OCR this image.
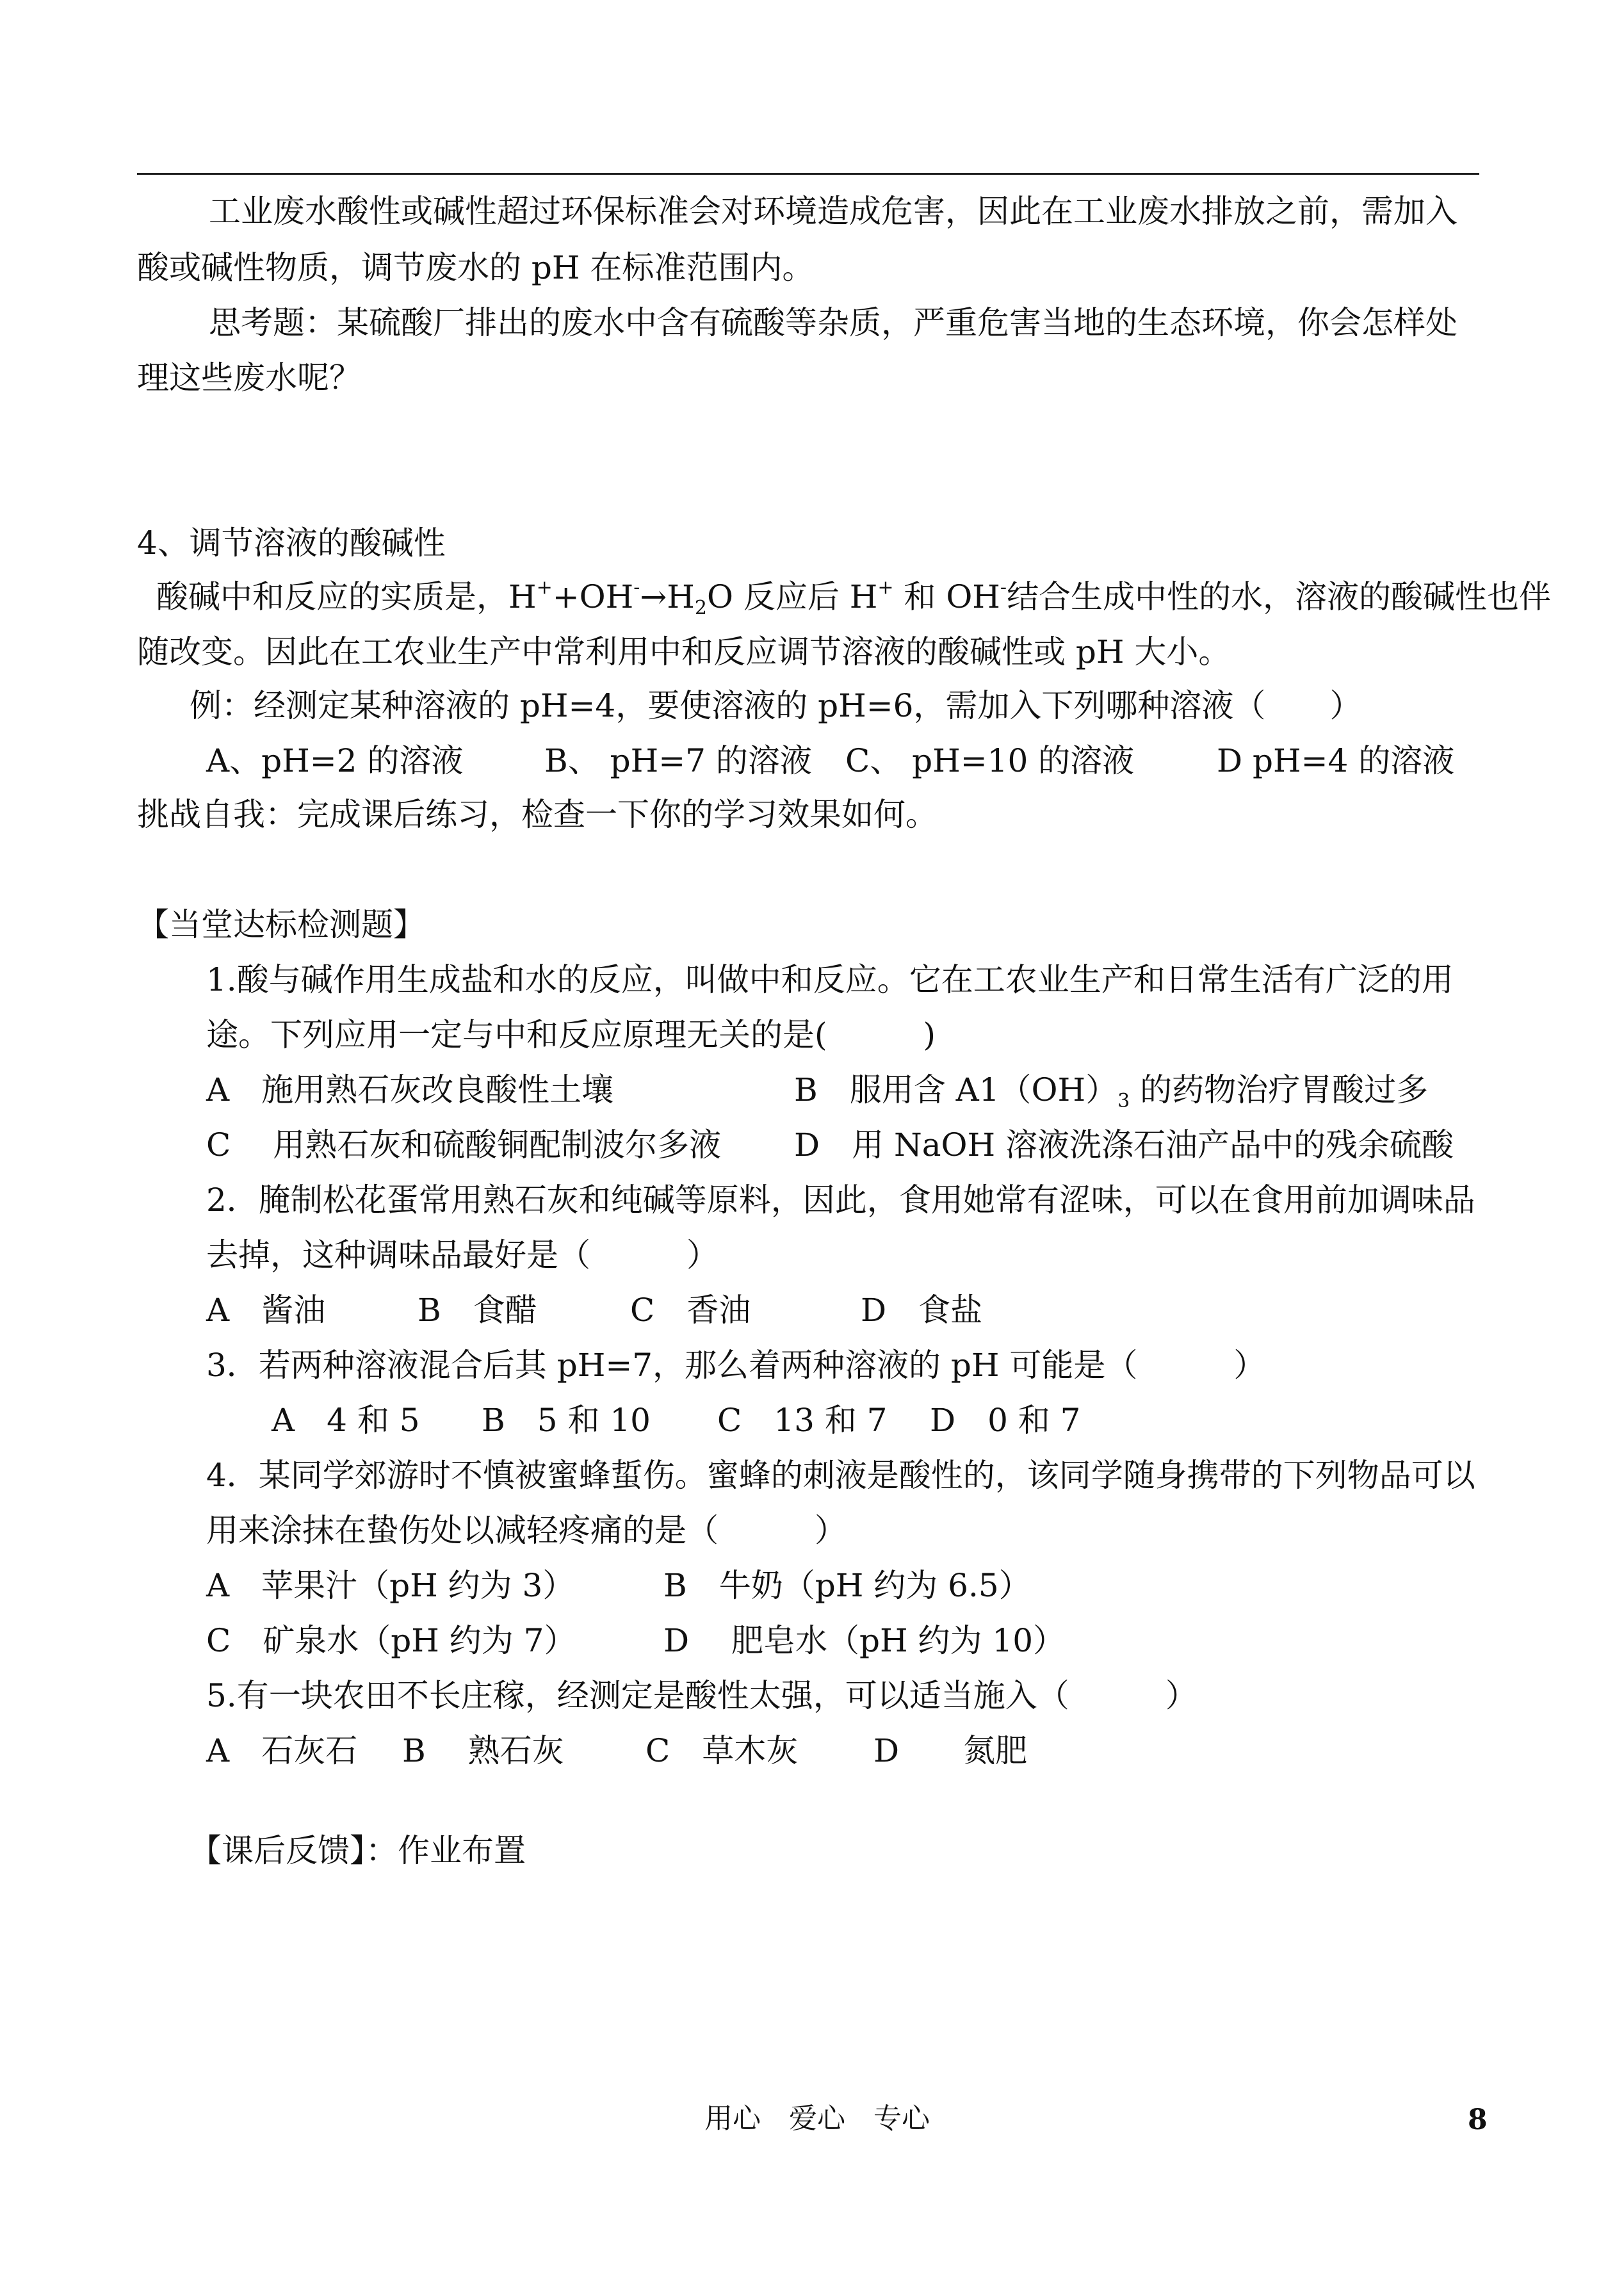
工业废水酸性或碱性超过环保标准会对环境造成危害，因此在工业废水排放之前，需加入
酸或碱性物质，调节废水的 pH 在标准范围内。
思考题：某硫酸厂排出的废水中含有硫酸等杂质，严重危害当地的生态环境，你会怎样处
理这些废水呢？
4、调节溶液的酸碱性
酸碱中和反应的实质是，$H^++OH^-\to H_2O$ 反应后 H+ 和 OH-结合生成中性的水，溶液的酸碱性也伴
随改变。因此在工农业生产中常利用中和反应调节溶液的酸碱性或 pH 大小。
例：经测定某种溶液的 pH=4，要使溶液的 pH=6，需加入下列哪种溶液（　　）
A、pH=2 的溶液	B、 pH=7 的溶液 C、 pH=10 的溶液	D pH=4 的溶液
挑战自我：完成课后练习，检查一下你的学习效果如何。
【当堂达标检测题】
1.酸与碱作用生成盐和水的反应，叫做中和反应。它在工农业生产和日常生活有广泛的用
途。下列应用一定与中和反应原理无关的是(　　　)
A　施用熟石灰改良酸性土壤	B　服用含 $A1(OH)_3$ 的药物治疗胃酸过多
C　 用熟石灰和硫酸铜配制波尔多液 D　用 NaOH 溶液洗涤石油产品中的残余硫酸
2．腌制松花蛋常用熟石灰和纯碱等原料，因此，食用她常有涩味，可以在食用前加调味品
去掉，这种调味品最好是（　　　）
A　酱油	B　食醋	C　香油	D　食盐
3．若两种溶液混合后其 pH=7，那么着两种溶液的 pH 可能是（　　　）
A　4 和 5 B　5 和 10 C　13 和 7 D　0 和 7
4．某同学郊游时不慎被蜜蜂蜇伤。蜜蜂的刺液是酸性的，该同学随身携带的下列物品可以
用来涂抹在蛰伤处以减轻疼痛的是（　　　）
A　苹果汁（pH 约为 3）	B　牛奶（pH 约为 6.5）
C　矿泉水（pH 约为 7）	D　 肥皂水（pH 约为 10）
5.有一块农田不长庄稼，经测定是酸性太强，可以适当施入（　　　）
A　石灰石 B　 熟石灰	C　草木灰 D　　氮肥
【课后反馈】：作业布置
用心　爱心　专心	8
